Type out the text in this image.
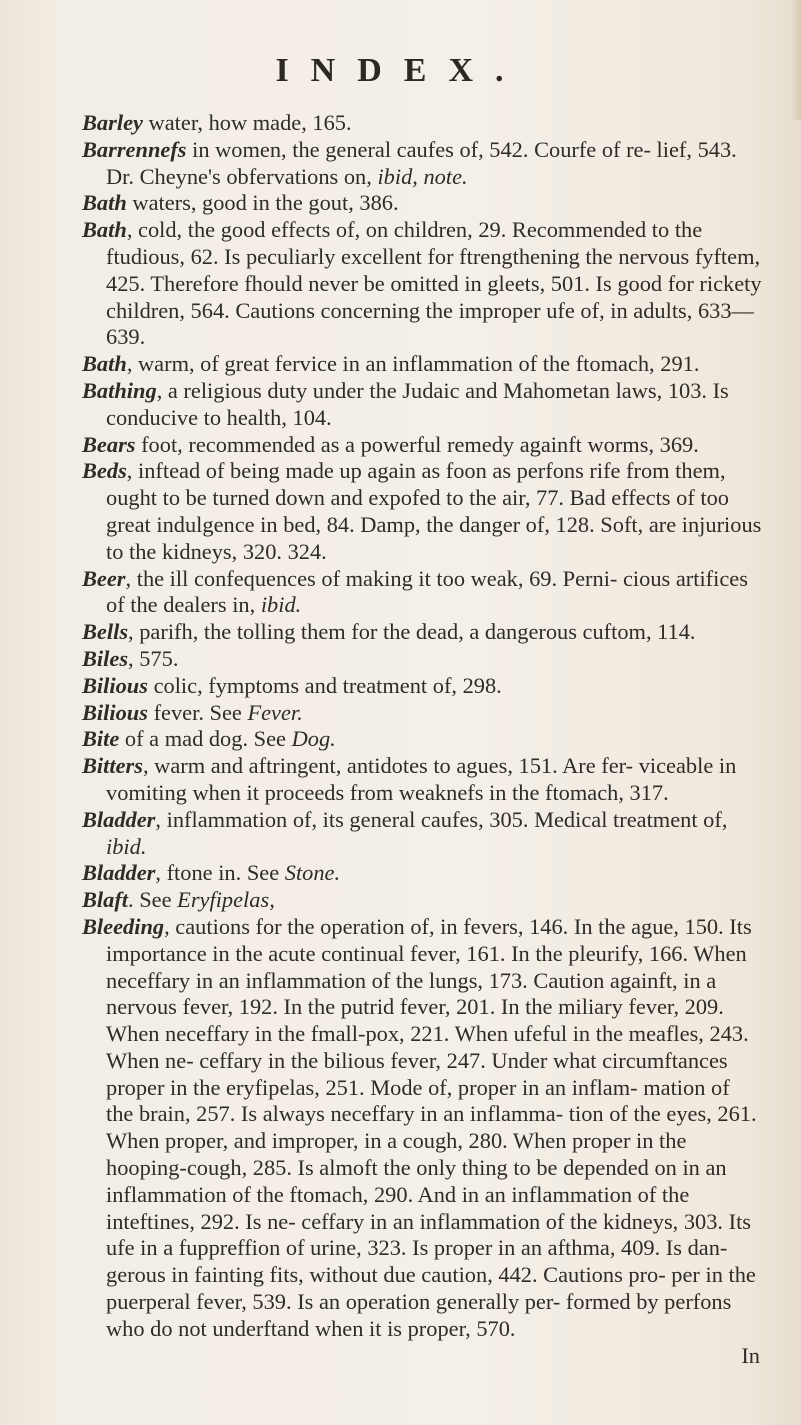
INDEX.

Barley water, how made, 165.

Barrennefs in women, the general caufes of, 542. Courfe of re- lief, 543. Dr. Cheyne's obfervations on, ibid, note.

Bath waters, good in the gout, 386.

Bath, cold, the good effects of, on children, 29. Recommended to the ftudious, 62. Is peculiarly excellent for ftrengthening the nervous fyftem, 425. Therefore fhould never be omitted in gleets, 501. Is good for rickety children, 564. Cautions concerning the improper ufe of, in adults, 633—639.

Bath, warm, of great fervice in an inflammation of the ftomach, 291.

Bathing, a religious duty under the Judaic and Mahometan laws, 103. Is conducive to health, 104.

Bears foot, recommended as a powerful remedy againft worms, 369.

Beds, inftead of being made up again as foon as perfons rife from them, ought to be turned down and expofed to the air, 77. Bad effects of too great indulgence in bed, 84. Damp, the danger of, 128. Soft, are injurious to the kidneys, 320. 324.

Beer, the ill confequences of making it too weak, 69. Perni- cious artifices of the dealers in, ibid.

Bells, parifh, the tolling them for the dead, a dangerous cuftom, 114.

Biles, 575.

Bilious colic, fymptoms and treatment of, 298.

Bilious fever. See Fever.

Bite of a mad dog. See Dog.

Bitters, warm and aftringent, antidotes to agues, 151. Are fer- viceable in vomiting when it proceeds from weaknefs in the ftomach, 317.

Bladder, inflammation of, its general caufes, 305. Medical treatment of, ibid.

Bladder, ftone in. See Stone.

Blaft. See Eryfipelas,

Bleeding, cautions for the operation of, in fevers, 146. In the ague, 150. Its importance in the acute continual fever, 161. In the pleurify, 166. When neceffary in an inflammation of the lungs, 173. Caution againft, in a nervous fever, 192. In the putrid fever, 201. In the miliary fever, 209. When neceffary in the fmall-pox, 221. When ufeful in the meafles, 243. When ne- ceffary in the bilious fever, 247. Under what circumftances proper in the eryfipelas, 251. Mode of, proper in an inflam- mation of the brain, 257. Is always neceffary in an inflamma- tion of the eyes, 261. When proper, and improper, in a cough, 280. When proper in the hooping-cough, 285. Is almoft the only thing to be depended on in an inflammation of the ftomach, 290. And in an inflammation of the inteftines, 292. Is ne- ceffary in an inflammation of the kidneys, 303. Its ufe in a fuppreffion of urine, 323. Is proper in an afthma, 409. Is dan- gerous in fainting fits, without due caution, 442. Cautions pro- per in the puerperal fever, 539. Is an operation generally per- formed by perfons who do not underftand when it is proper, 570.

In
